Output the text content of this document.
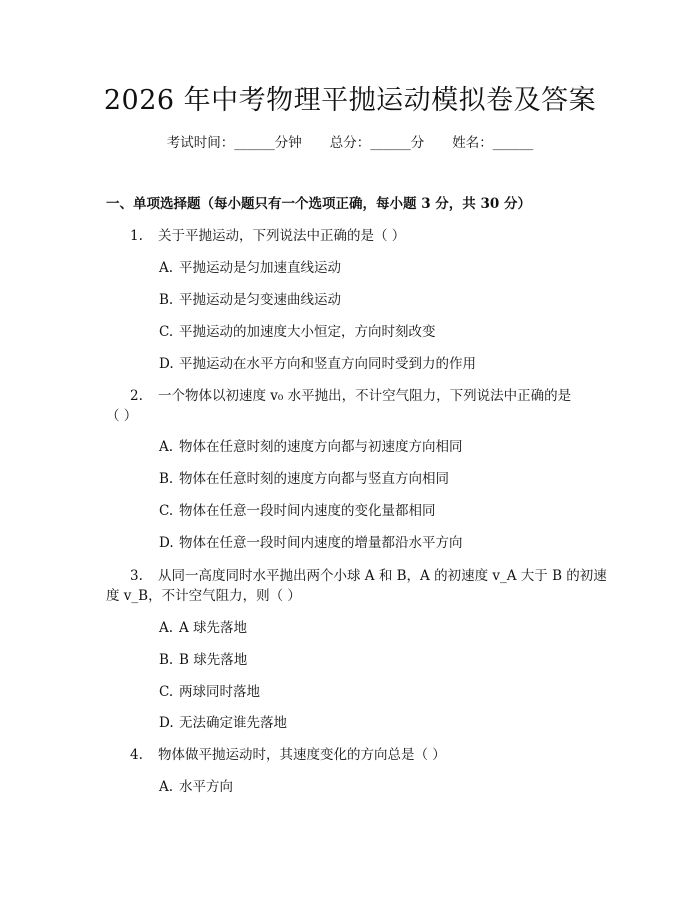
2026 年中考物理平抛运动模拟卷及答案
考试时间：______分钟 总分：______分 姓名：______
一、单项选择题（每小题只有一个选项正确，每小题 3 分，共 30 分）
1. 关于平抛运动，下列说法中正确的是（ ）
A. 平抛运动是匀加速直线运动
B. 平抛运动是匀变速曲线运动
C. 平抛运动的加速度大小恒定，方向时刻改变
D. 平抛运动在水平方向和竖直方向同时受到力的作用
2. 一个物体以初速度 v₀ 水平抛出，不计空气阻力，下列说法中正确的是
（ ）
A. 物体在任意时刻的速度方向都与初速度方向相同
B. 物体在任意时刻的速度方向都与竖直方向相同
C. 物体在任意一段时间内速度的变化量都相同
D. 物体在任意一段时间内速度的增量都沿水平方向
3. 从同一高度同时水平抛出两个小球 A 和 B，A 的初速度 v_A 大于 B 的初速
度 v_B，不计空气阻力，则（ ）
A. A 球先落地
B. B 球先落地
C. 两球同时落地
D. 无法确定谁先落地
4. 物体做平抛运动时，其速度变化的方向总是（ ）
A. 水平方向
